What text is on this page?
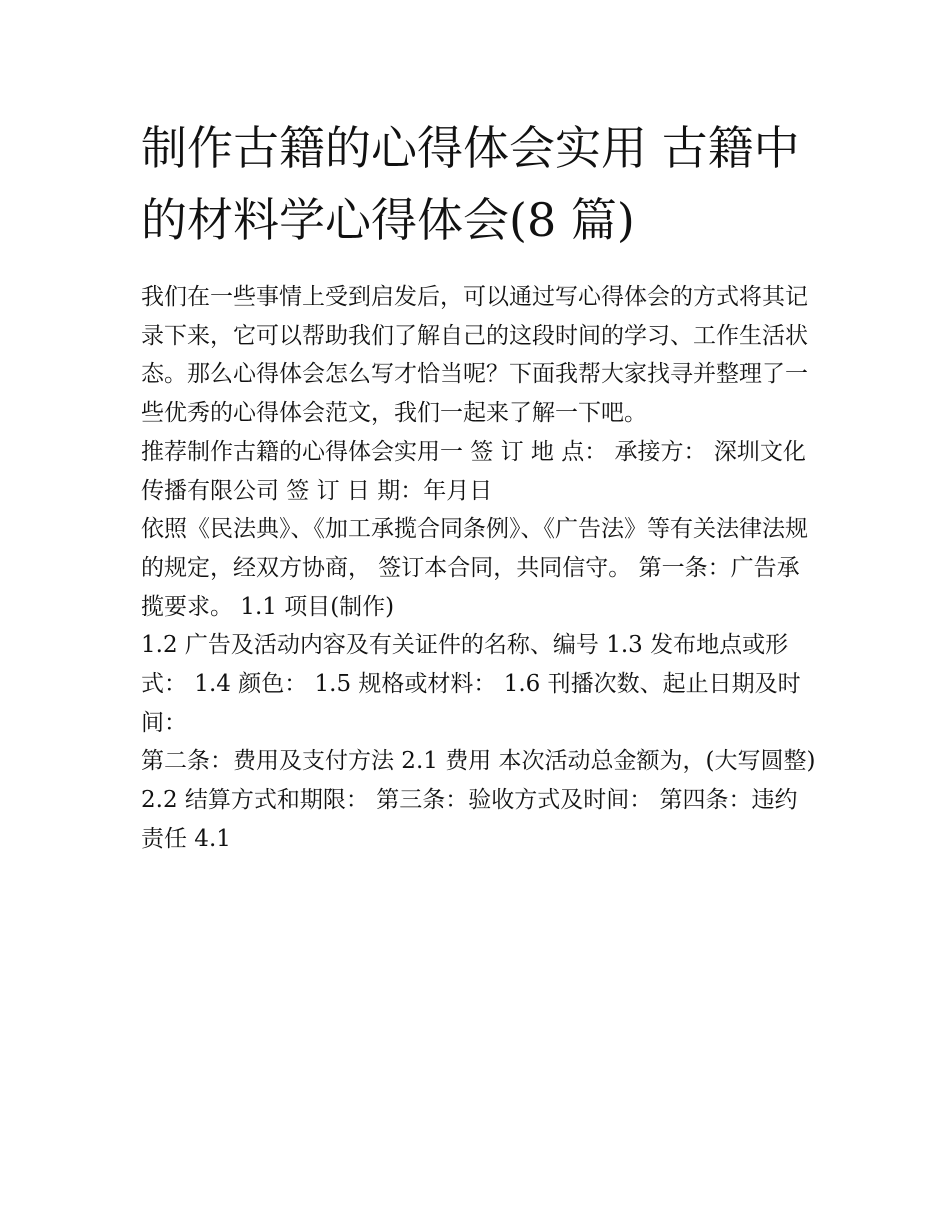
制作古籍的心得体会实用 古籍中的材料学心得体会(8 篇)

我们在一些事情上受到启发后，可以通过写心得体会的方式将其记录下来，它可以帮助我们了解自己的这段时间的学习、工作生活状态。那么心得体会怎么写才恰当呢？下面我帮大家找寻并整理了一些优秀的心得体会范文，我们一起来了解一下吧。

推荐制作古籍的心得体会实用一 签 订 地 点： 承接方： 深圳文化传播有限公司 签 订 日 期：年月日

依照《民法典》、《加工承揽合同条例》、《广告法》等有关法律法规的规定，经双方协商， 签订本合同，共同信守。 第一条：广告承揽要求。 1.1 项目(制作)

1.2 广告及活动内容及有关证件的名称、编号 1.3 发布地点或形式： 1.4 颜色： 1.5 规格或材料： 1.6 刊播次数、起止日期及时间：

第二条：费用及支付方法 2.1 费用 本次活动总金额为，(大写圆整) 2.2 结算方式和期限： 第三条：验收方式及时间： 第四条：违约责任 4.1
